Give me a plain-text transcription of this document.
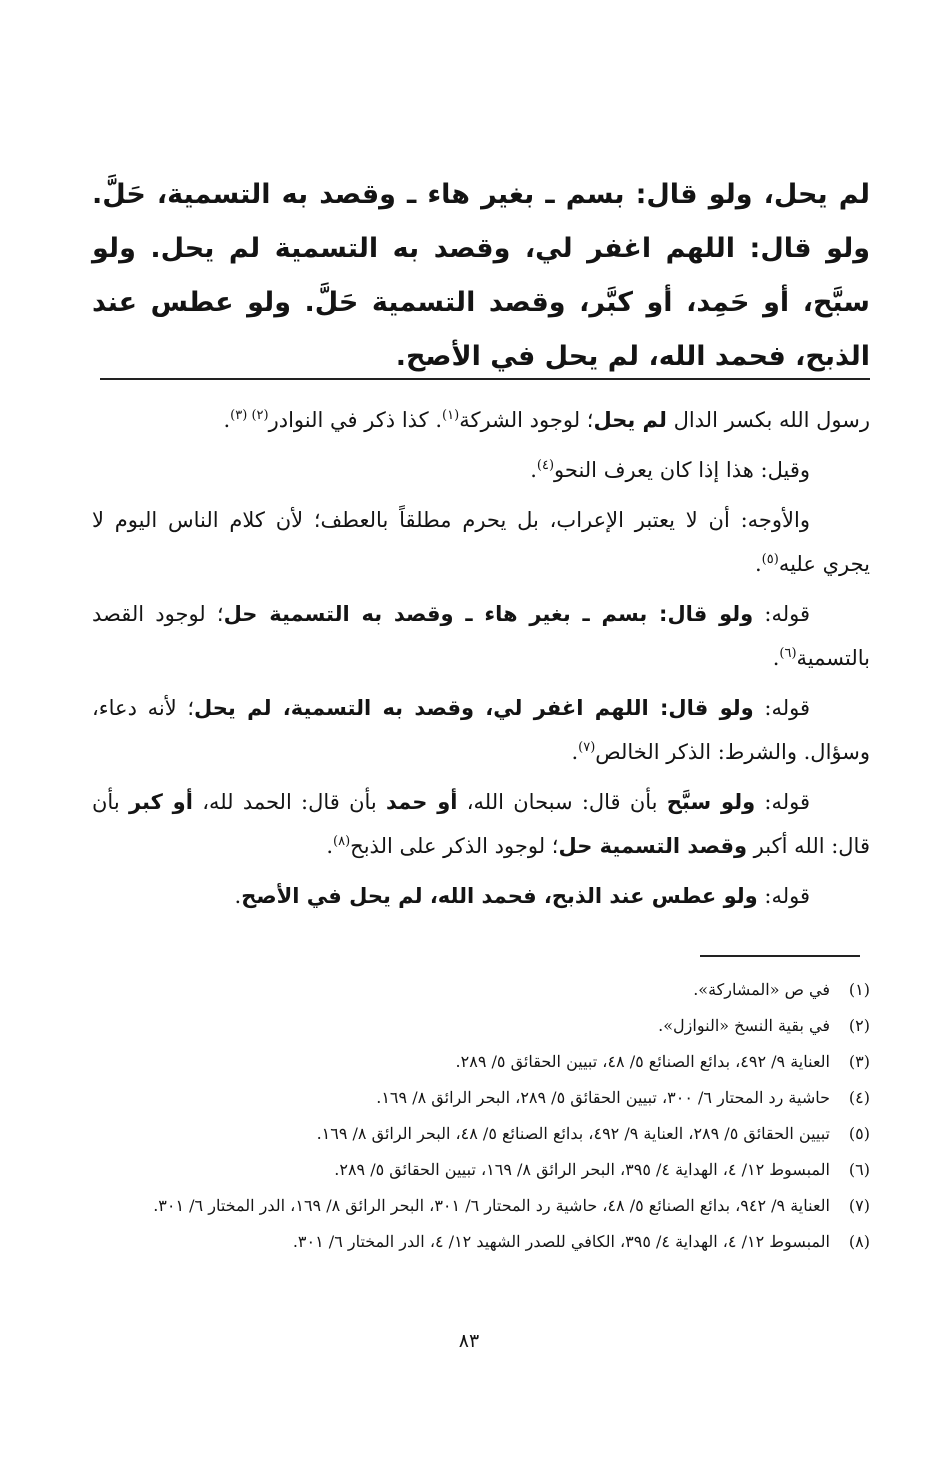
لم يحل، ولو قال: بسم ـ بغير هاء ـ وقصد به التسمية، حَلَّ. ولو قال: اللهم اغفر لي، وقصد به التسمية لم يحل. ولو سبَّح، أو حَمِد، أو كبَّر، وقصد التسمية حَلَّ. ولو عطس عند الذبح، فحمد الله، لم يحل في الأصح.

رسول الله بكسر الدال لم يحل؛ لوجود الشركة$^{(١)}$. كذا ذكر في النوادر$^{(٢) (٣)}$.

وقيل: هذا إذا كان يعرف النحو$^{(٤)}$.

والأوجه: أن لا يعتبر الإعراب، بل يحرم مطلقاً بالعطف؛ لأن كلام الناس اليوم لا يجري عليه$^{(٥)}$.

قوله: ولو قال: بسم ـ بغير هاء ـ وقصد به التسمية حل؛ لوجود القصد بالتسمية$^{(٦)}$.

قوله: ولو قال: اللهم اغفر لي، وقصد به التسمية، لم يحل؛ لأنه دعاء، وسؤال. والشرط: الذكر الخالص$^{(٧)}$.

قوله: ولو سبَّح بأن قال: سبحان الله، أو حمد بأن قال: الحمد لله، أو كبر بأن قال: الله أكبر وقصد التسمية حل؛ لوجود الذكر على الذبح$^{(٨)}$.

قوله: ولو عطس عند الذبح، فحمد الله، لم يحل في الأصح.

(١)
في ص «المشاركة».
(٢)
في بقية النسخ «النوازل».
(٣)
العناية ٩/ ٤٩٢، بدائع الصنائع ٥/ ٤٨، تبيين الحقائق ٥/ ٢٨٩.
(٤)
حاشية رد المحتار ٦/ ٣٠٠، تبيين الحقائق ٥/ ٢٨٩، البحر الرائق ٨/ ١٦٩.
(٥)
تبيين الحقائق ٥/ ٢٨٩، العناية ٩/ ٤٩٢، بدائع الصنائع ٥/ ٤٨، البحر الرائق ٨/ ١٦٩.
(٦)
المبسوط ١٢/ ٤، الهداية ٤/ ٣٩٥، البحر الرائق ٨/ ١٦٩، تبيين الحقائق ٥/ ٢٨٩.
(٧)
العناية ٩/ ٩٤٢، بدائع الصنائع ٥/ ٤٨، حاشية رد المحتار ٦/ ٣٠١، البحر الرائق ٨/ ١٦٩، الدر المختار ٦/ ٣٠١.
(٨)
المبسوط ١٢/ ٤، الهداية ٤/ ٣٩٥، الكافي للصدر الشهيد ١٢/ ٤، الدر المختار ٦/ ٣٠١.
٨٣
